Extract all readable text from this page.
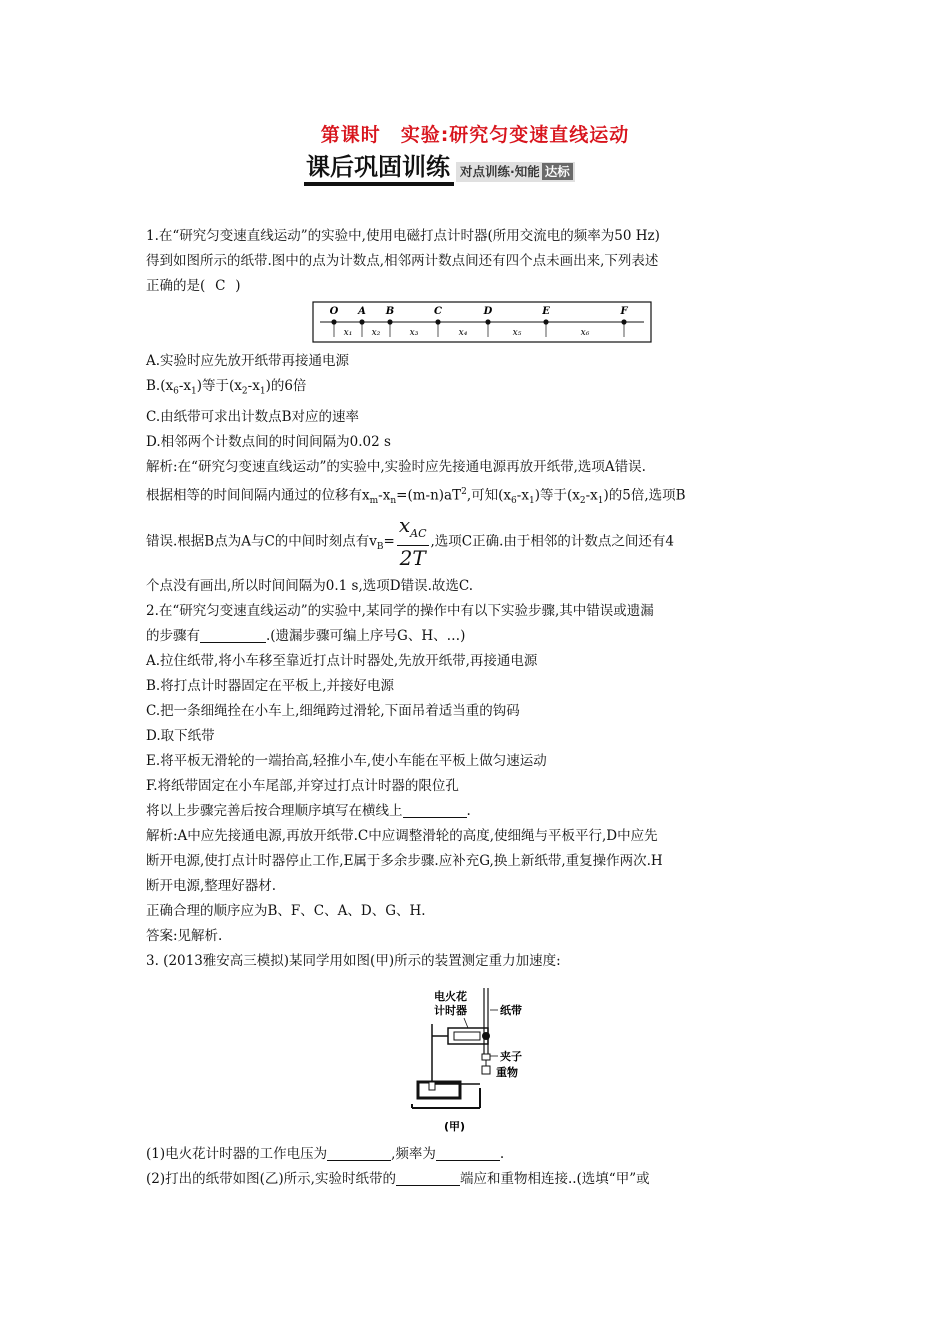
第课时　实验:研究匀变速直线运动
课后巩固训练 对点训练·知能 达标
1.在“研究匀变速直线运动”的实验中,使用电磁打点计时器(所用交流电的频率为50 Hz)
得到如图所示的纸带.图中的点为计数点,相邻两计数点间还有四个点未画出来,下列表述
正确的是( C )
O A B	C	D	E	F
x₁ x₂	x₃	x₄	x₅	x₆
A.实验时应先放开纸带再接通电源
$B.(x_6-x_1)$等于$(x_2-x_1)$的6倍
C.由纸带可求出计数点B对应的速率
D.相邻两个计数点间的时间间隔为0.02 s
解析:在“研究匀变速直线运动”的实验中,实验时应先接通电源再放开纸带,选项A错误.
根据相等的时间间隔内通过的位移有$x_m-x_n=(m-n)aT^2$,可知$(x_6-x_1)$等于$(x_2-x_1)$的5倍,选项B
错误.根据B点为A与C的中间时刻点有$v_B= \frac{x_{AC}}{2T}$ ,选项C正确.由于相邻的计数点之间还有4
个点没有画出,所以时间间隔为0.1 s,选项D错误.故选C.
2.在“研究匀变速直线运动”的实验中,某同学的操作中有以下实验步骤,其中错误或遗漏
的步骤有	.(遗漏步骤可编上序号G、H、…)
A.拉住纸带,将小车移至靠近打点计时器处,先放开纸带,再接通电源
B.将打点计时器固定在平板上,并接好电源
C.把一条细绳拴在小车上,细绳跨过滑轮,下面吊着适当重的钩码
D.取下纸带
E.将平板无滑轮的一端抬高,轻推小车,使小车能在平板上做匀速运动
F.将纸带固定在小车尾部,并穿过打点计时器的限位孔
将以上步骤完善后按合理顺序填写在横线上	.
解析:A中应先接通电源,再放开纸带.C中应调整滑轮的高度,使细绳与平板平行,D中应先
断开电源,使打点计时器停止工作,E属于多余步骤.应补充G,换上新纸带,重复操作两次.H
断开电源,整理好器材.
正确合理的顺序应为B、F、C、A、D、G、H.
答案:见解析.
3. (2013雅安高三模拟)某同学用如图(甲)所示的装置测定重力加速度:
电火花
计时器	纸带
夹子
重物
(甲)
(1)电火花计时器的工作电压为	,频率为	.
(2)打出的纸带如图(乙)所示,实验时纸带的	端应和重物相连接..(选填“甲”或
